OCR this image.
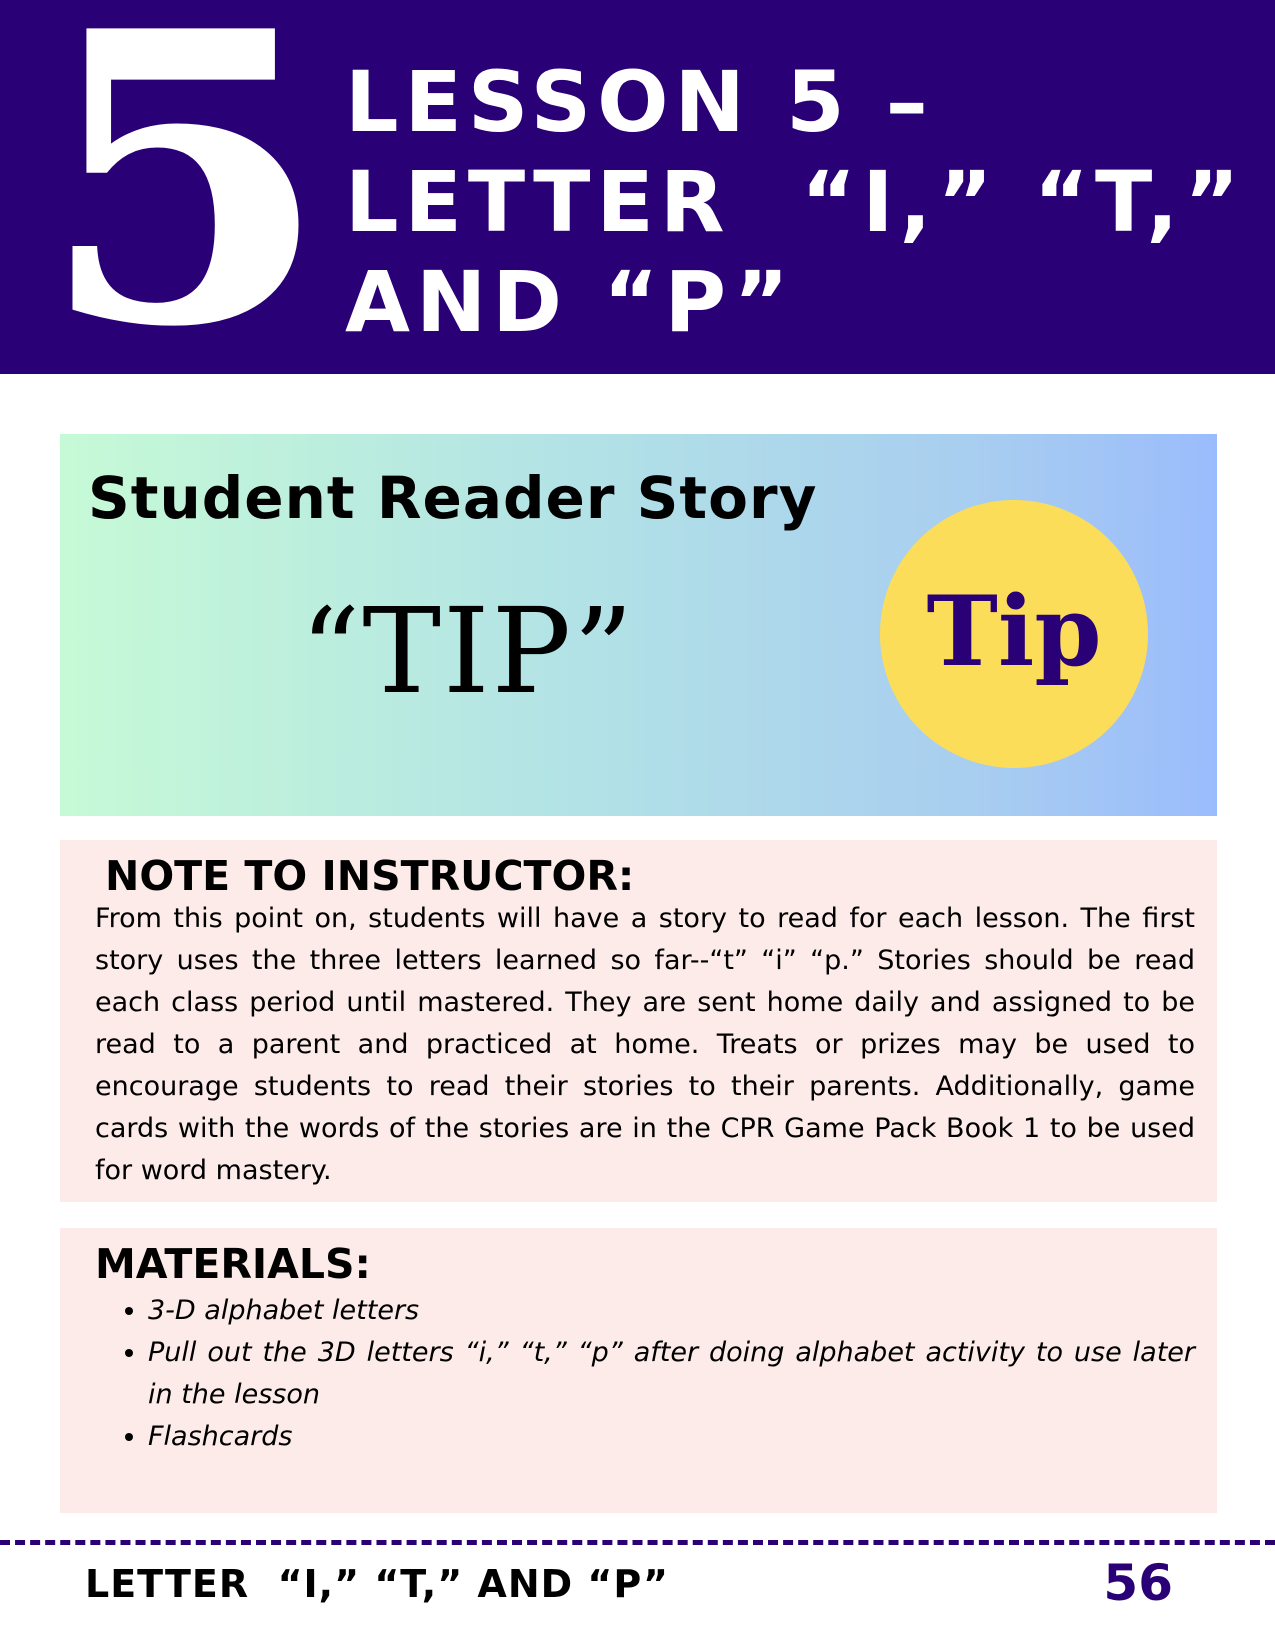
5 LESSON 5 –
LETTER  “I,” “T,”
AND “P”
Student Reader Story
“TIP”	Tip
NOTE TO INSTRUCTOR:
From this point on, students will have a story to read for each lesson. The first story uses the three letters learned so far--“t” “i” “p.” Stories should be read each class period until mastered. They are sent home daily and assigned to be read to a parent and practiced at home. Treats or prizes may be used to encourage students to read their stories to their parents. Additionally, game cards with the words of the stories are in the CPR Game Pack Book 1 to be used for word mastery.
MATERIALS:
• 3-D alphabet letters
• Pull out the 3D letters “i,” “t,” “p” after doing alphabet activity to use later in the lesson
• Flashcards
LETTER  “I,” “T,” AND “P”	56
